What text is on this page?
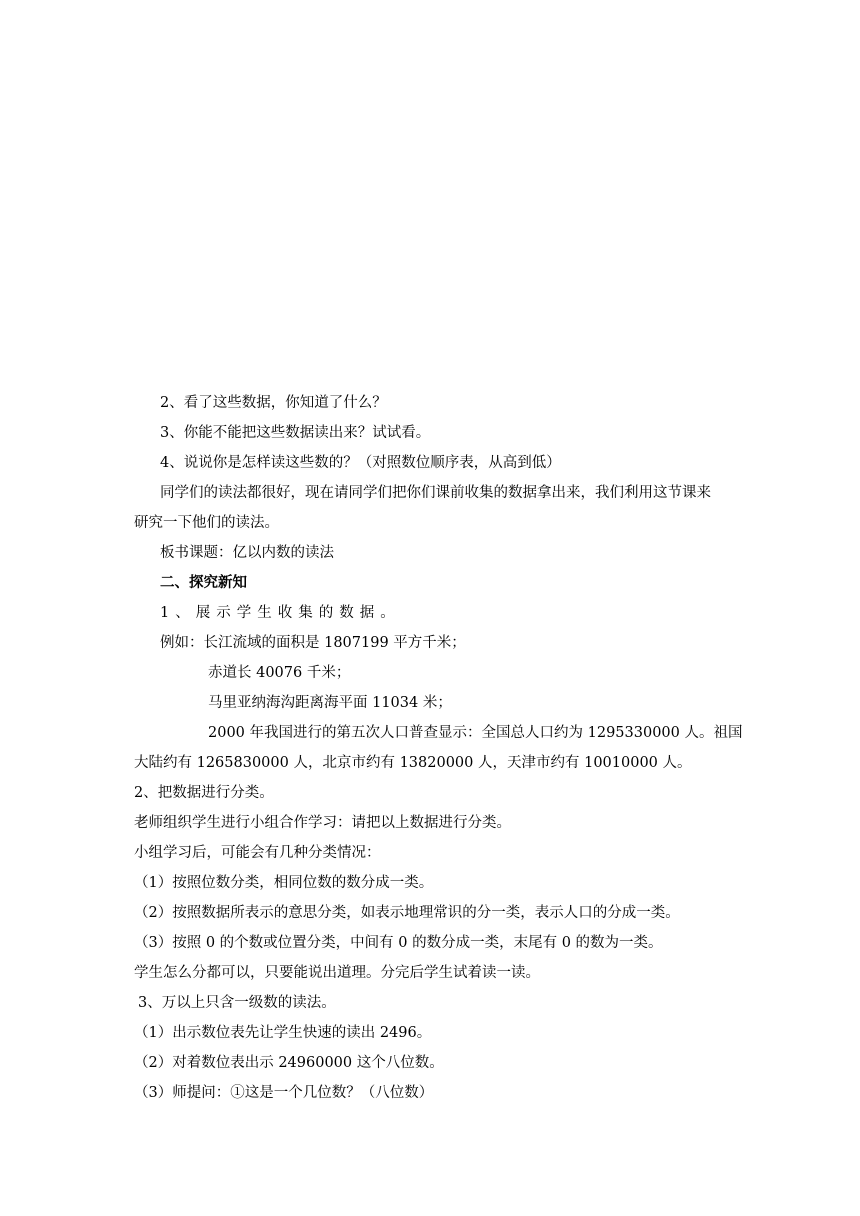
2、看了这些数据，你知道了什么？
3、你能不能把这些数据读出来？试试看。
4、说说你是怎样读这些数的？（对照数位顺序表，从高到低）
同学们的读法都很好，现在请同学们把你们课前收集的数据拿出来，我们利用这节课来
研究一下他们的读法。
板书课题：亿以内数的读法
二、探究新知
1、展示学生收集的数据。
例如：长江流域的面积是 1807199 平方千米；
赤道长 40076 千米；
马里亚纳海沟距离海平面 11034 米；
2000 年我国进行的第五次人口普查显示：全国总人口约为 1295330000 人。祖国
大陆约有 1265830000 人，北京市约有 13820000 人，天津市约有 10010000 人。
2、把数据进行分类。
老师组织学生进行小组合作学习：请把以上数据进行分类。
小组学习后，可能会有几种分类情况：
（1）按照位数分类，相同位数的数分成一类。
（2）按照数据所表示的意思分类，如表示地理常识的分一类，表示人口的分成一类。
（3）按照 0 的个数或位置分类，中间有 0 的数分成一类，末尾有 0 的数为一类。
学生怎么分都可以，只要能说出道理。分完后学生试着读一读。
3、万以上只含一级数的读法。
（1）出示数位表先让学生快速的读出 2496。
（2）对着数位表出示 24960000 这个八位数。
（3）师提问：①这是一个几位数？（八位数）
